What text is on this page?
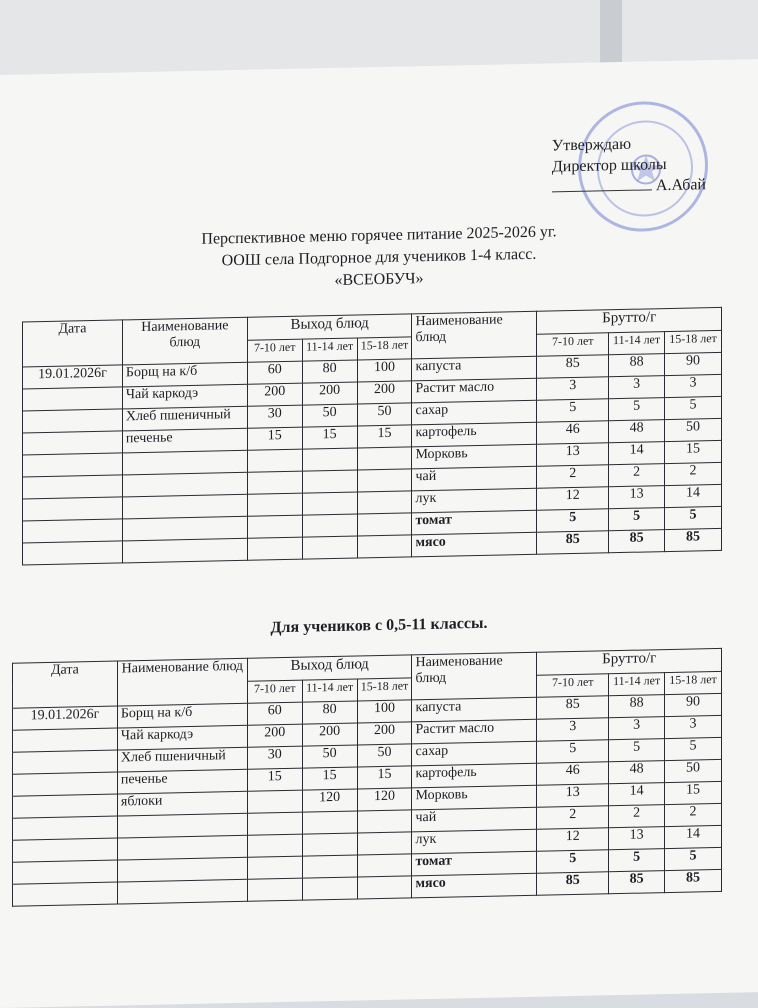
Утверждаю
Директор школы
А.Абай
Перспективное меню горячее питание 2025-2026 уг.
ООШ села Подгорное для учеников 1-4 класс.
«ВСЕОБУЧ»
Дата	Наименование блюд	Выход блюд			Наименование блюд	Брутто/г		
		7-10 лет	11-14 лет	15-18 лет		7-10 лет	11-14 лет	15-18 лет
19.01.2026г	Борщ на к/б	60	80	100	капуста	85	88	90
	Чай каркодэ	200	200	200	Растит масло	3	3	3
	Хлеб пшеничный	30	50	50	сахар	5	5	5
	печенье	15	15	15	картофель	46	48	50
					Морковь	13	14	15
					чай	2	2	2
					лук	12	13	14
					томат	5	5	5
					мясо	85	85	85
Для учеников с 0,5-11 классы.
Дата	Наименование блюд	Выход блюд			Наименование блюд	Брутто/г		
		7-10 лет	11-14 лет	15-18 лет		7-10 лет	11-14 лет	15-18 лет
19.01.2026г	Борщ на к/б	60	80	100	капуста	85	88	90
	Чай каркодэ	200	200	200	Растит масло	3	3	3
	Хлеб пшеничный	30	50	50	сахар	5	5	5
	печенье	15	15	15	картофель	46	48	50
	яблоки		120	120	Морковь	13	14	15
					чай	2	2	2
					лук	12	13	14
					томат	5	5	5
					мясо	85	85	85
